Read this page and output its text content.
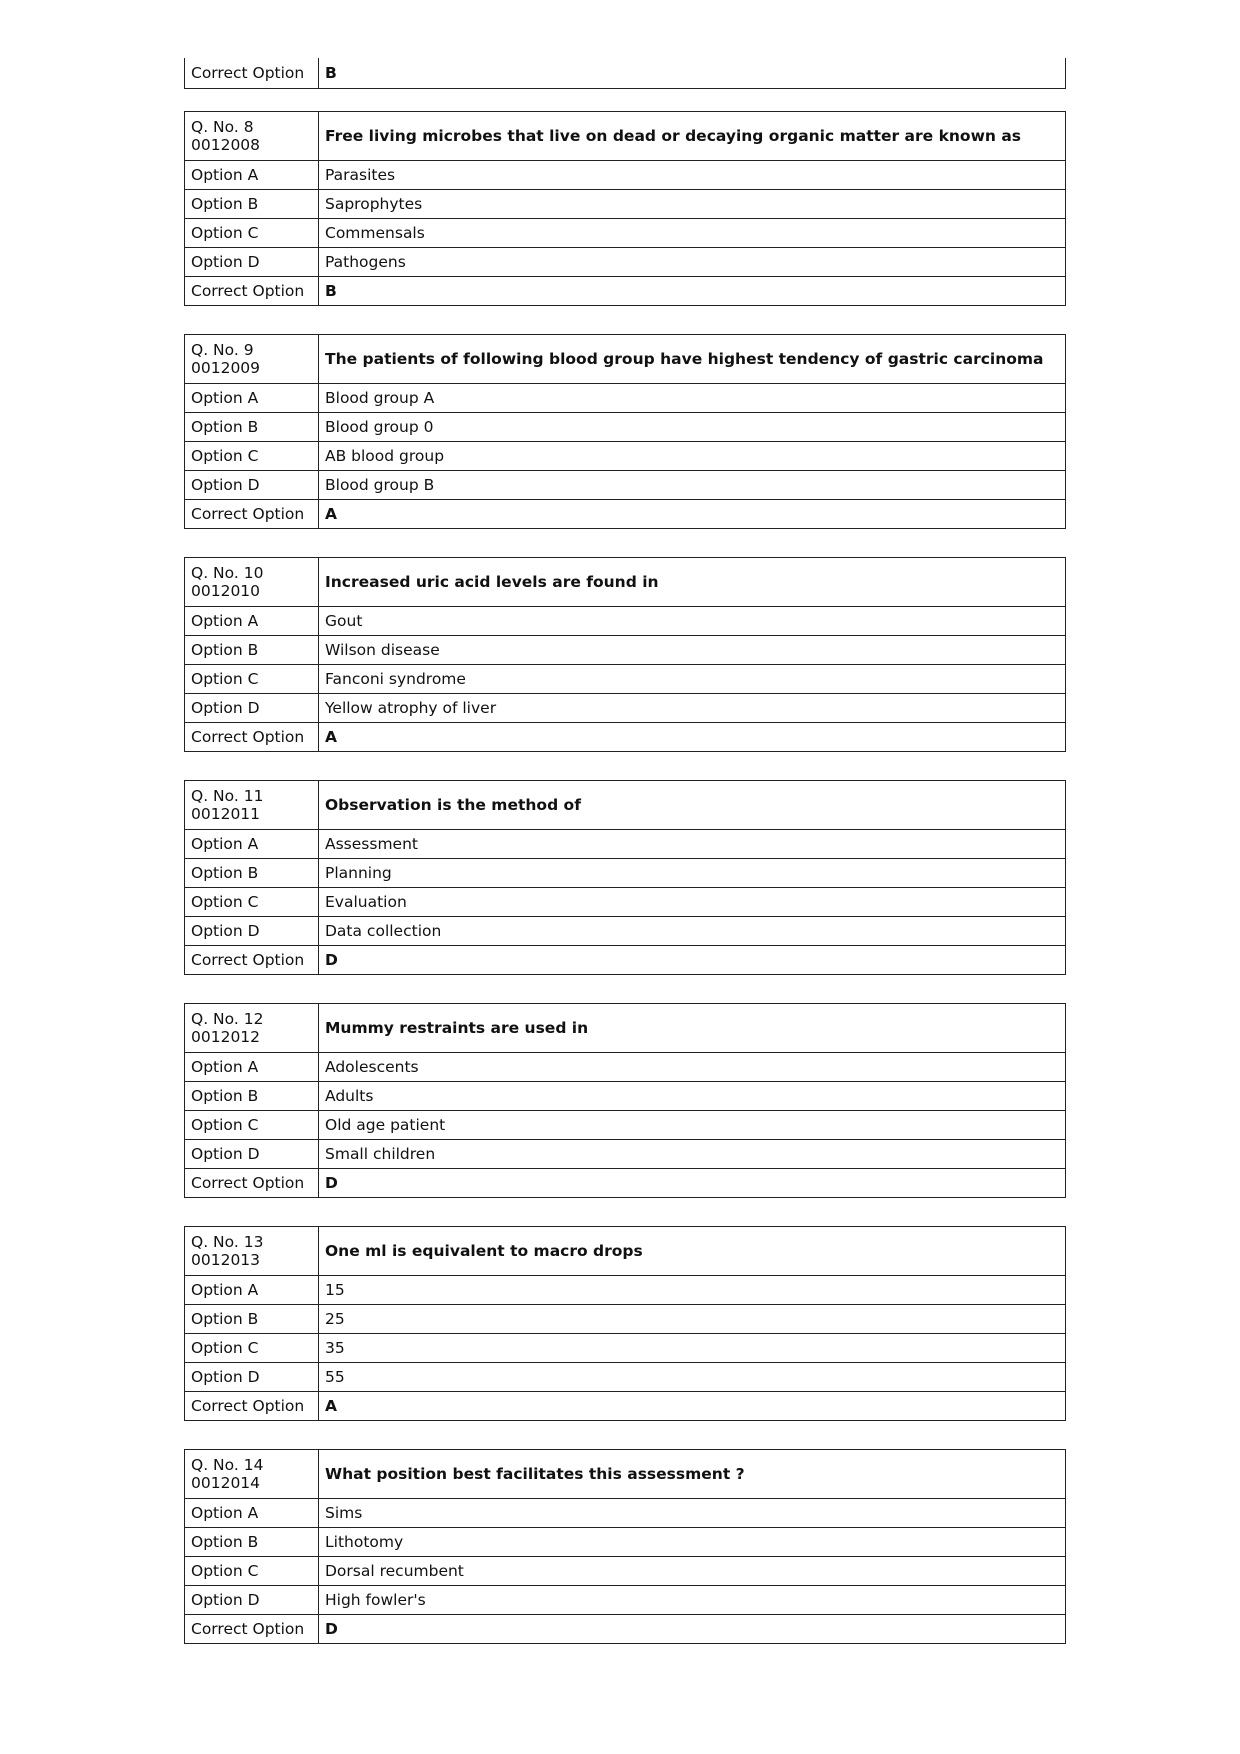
Correct Option	B
Q. No. 8
0012008	Free living microbes that live on dead or decaying organic matter are known as
Option A	Parasites
Option B	Saprophytes
Option C	Commensals
Option D	Pathogens
Correct Option	B
Q. No. 9
0012009	The patients of following blood group have highest tendency of gastric carcinoma
Option A	Blood group A
Option B	Blood group 0
Option C	AB blood group
Option D	Blood group B
Correct Option	A
Q. No. 10
0012010	Increased uric acid levels are found in
Option A	Gout
Option B	Wilson disease
Option C	Fanconi syndrome
Option D	Yellow atrophy of liver
Correct Option	A
Q. No. 11
0012011	Observation is the method of
Option A	Assessment
Option B	Planning
Option C	Evaluation
Option D	Data collection
Correct Option	D
Q. No. 12
0012012	Mummy restraints are used in
Option A	Adolescents
Option B	Adults
Option C	Old age patient
Option D	Small children
Correct Option	D
Q. No. 13
0012013	One ml is equivalent to macro drops
Option A	15
Option B	25
Option C	35
Option D	55
Correct Option	A
Q. No. 14
0012014	What position best facilitates this assessment ?
Option A	Sims
Option B	Lithotomy
Option C	Dorsal recumbent
Option D	High fowler's
Correct Option	D
